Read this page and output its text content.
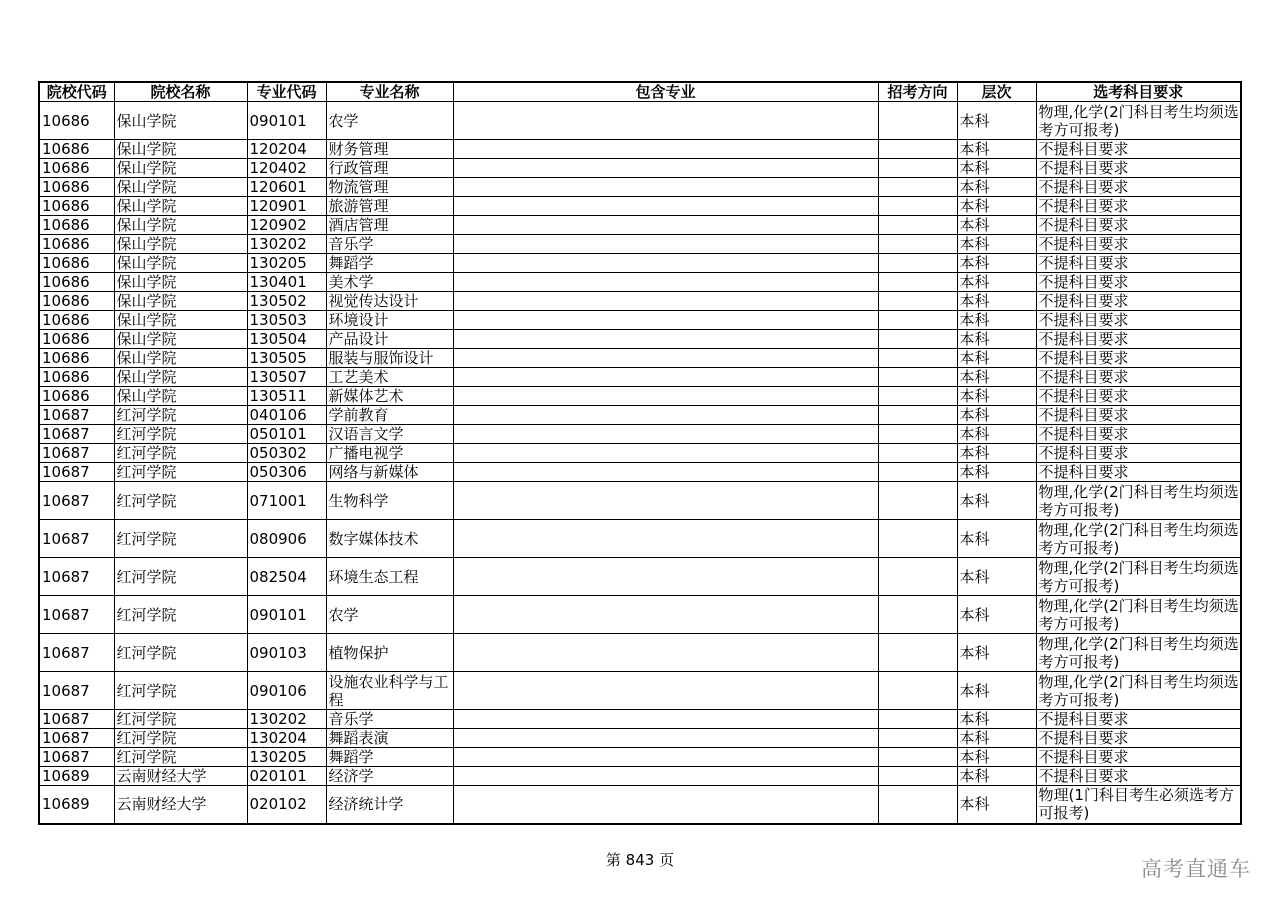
院校代码	院校名称	专业代码	专业名称	包含专业	招考方向	层次	选考科目要求
10686	保山学院	090101	农学			本科	物理,化学(2门科目考生均须选考方可报考)
10686	保山学院	120204	财务管理			本科	不提科目要求
10686	保山学院	120402	行政管理			本科	不提科目要求
10686	保山学院	120601	物流管理			本科	不提科目要求
10686	保山学院	120901	旅游管理			本科	不提科目要求
10686	保山学院	120902	酒店管理			本科	不提科目要求
10686	保山学院	130202	音乐学			本科	不提科目要求
10686	保山学院	130205	舞蹈学			本科	不提科目要求
10686	保山学院	130401	美术学			本科	不提科目要求
10686	保山学院	130502	视觉传达设计			本科	不提科目要求
10686	保山学院	130503	环境设计			本科	不提科目要求
10686	保山学院	130504	产品设计			本科	不提科目要求
10686	保山学院	130505	服装与服饰设计			本科	不提科目要求
10686	保山学院	130507	工艺美术			本科	不提科目要求
10686	保山学院	130511	新媒体艺术			本科	不提科目要求
10687	红河学院	040106	学前教育			本科	不提科目要求
10687	红河学院	050101	汉语言文学			本科	不提科目要求
10687	红河学院	050302	广播电视学			本科	不提科目要求
10687	红河学院	050306	网络与新媒体			本科	不提科目要求
10687	红河学院	071001	生物科学			本科	物理,化学(2门科目考生均须选考方可报考)
10687	红河学院	080906	数字媒体技术			本科	物理,化学(2门科目考生均须选考方可报考)
10687	红河学院	082504	环境生态工程			本科	物理,化学(2门科目考生均须选考方可报考)
10687	红河学院	090101	农学			本科	物理,化学(2门科目考生均须选考方可报考)
10687	红河学院	090103	植物保护			本科	物理,化学(2门科目考生均须选考方可报考)
10687	红河学院	090106	设施农业科学与工程			本科	物理,化学(2门科目考生均须选考方可报考)
10687	红河学院	130202	音乐学			本科	不提科目要求
10687	红河学院	130204	舞蹈表演			本科	不提科目要求
10687	红河学院	130205	舞蹈学			本科	不提科目要求
10689	云南财经大学	020101	经济学			本科	不提科目要求
10689	云南财经大学	020102	经济统计学			本科	物理(1门科目考生必须选考方可报考)
第 843 页	高考直通车
